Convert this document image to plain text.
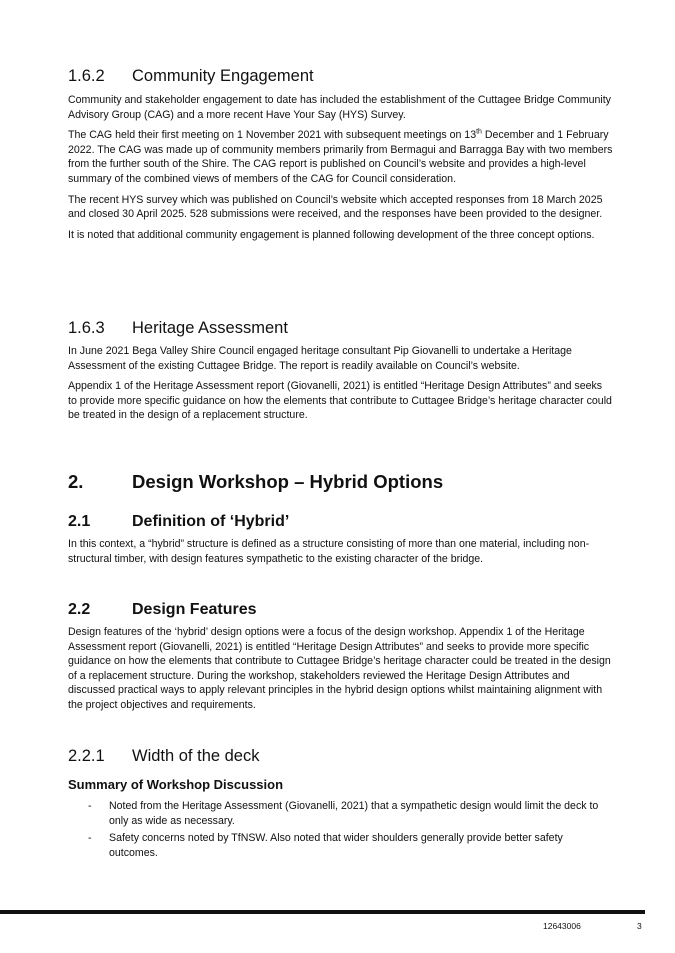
1.6.2 Community Engagement

Community and stakeholder engagement to date has included the establishment of the Cuttagee Bridge Community Advisory Group (CAG) and a more recent Have Your Say (HYS) Survey.

The CAG held their first meeting on 1 November 2021 with subsequent meetings on 13th December and 1 February 2022. The CAG was made up of community members primarily from Bermagui and Barragga Bay with two members from the further south of the Shire. The CAG report is published on Council’s website and provides a high-level summary of the combined views of members of the CAG for Council consideration.

The recent HYS survey which was published on Council’s website which accepted responses from 18 March 2025 and closed 30 April 2025. 528 submissions were received, and the responses have been provided to the designer.

It is noted that additional community engagement is planned following development of the three concept options.

1.6.3 Heritage Assessment

In June 2021 Bega Valley Shire Council engaged heritage consultant Pip Giovanelli to undertake a Heritage Assessment of the existing Cuttagee Bridge. The report is readily available on Council’s website.

Appendix 1 of the Heritage Assessment report (Giovanelli, 2021) is entitled “Heritage Design Attributes” and seeks to provide more specific guidance on how the elements that contribute to Cuttagee Bridge’s heritage character could be treated in the design of a replacement structure.

2.	Design Workshop – Hybrid Options
2.1	Definition of ‘Hybrid’

In this context, a “hybrid” structure is defined as a structure consisting of more than one material, including non-structural timber, with design features sympathetic to the existing character of the bridge.

2.2	Design Features

Design features of the ‘hybrid’ design options were a focus of the design workshop. Appendix 1 of the Heritage Assessment report (Giovanelli, 2021) is entitled “Heritage Design Attributes” and seeks to provide more specific guidance on how the elements that contribute to Cuttagee Bridge’s heritage character could be treated in the design of a replacement structure. During the workshop, stakeholders reviewed the Heritage Design Attributes and discussed practical ways to apply relevant principles in the hybrid design options whilst maintaining alignment with the project objectives and requirements.

2.2.1 Width of the deck
Summary of Workshop Discussion
- Noted from the Heritage Assessment (Giovanelli, 2021) that a sympathetic design would limit the deck to only as wide as necessary.
- Safety concerns noted by TfNSW. Also noted that wider shoulders generally provide better safety outcomes.
12643006	3
